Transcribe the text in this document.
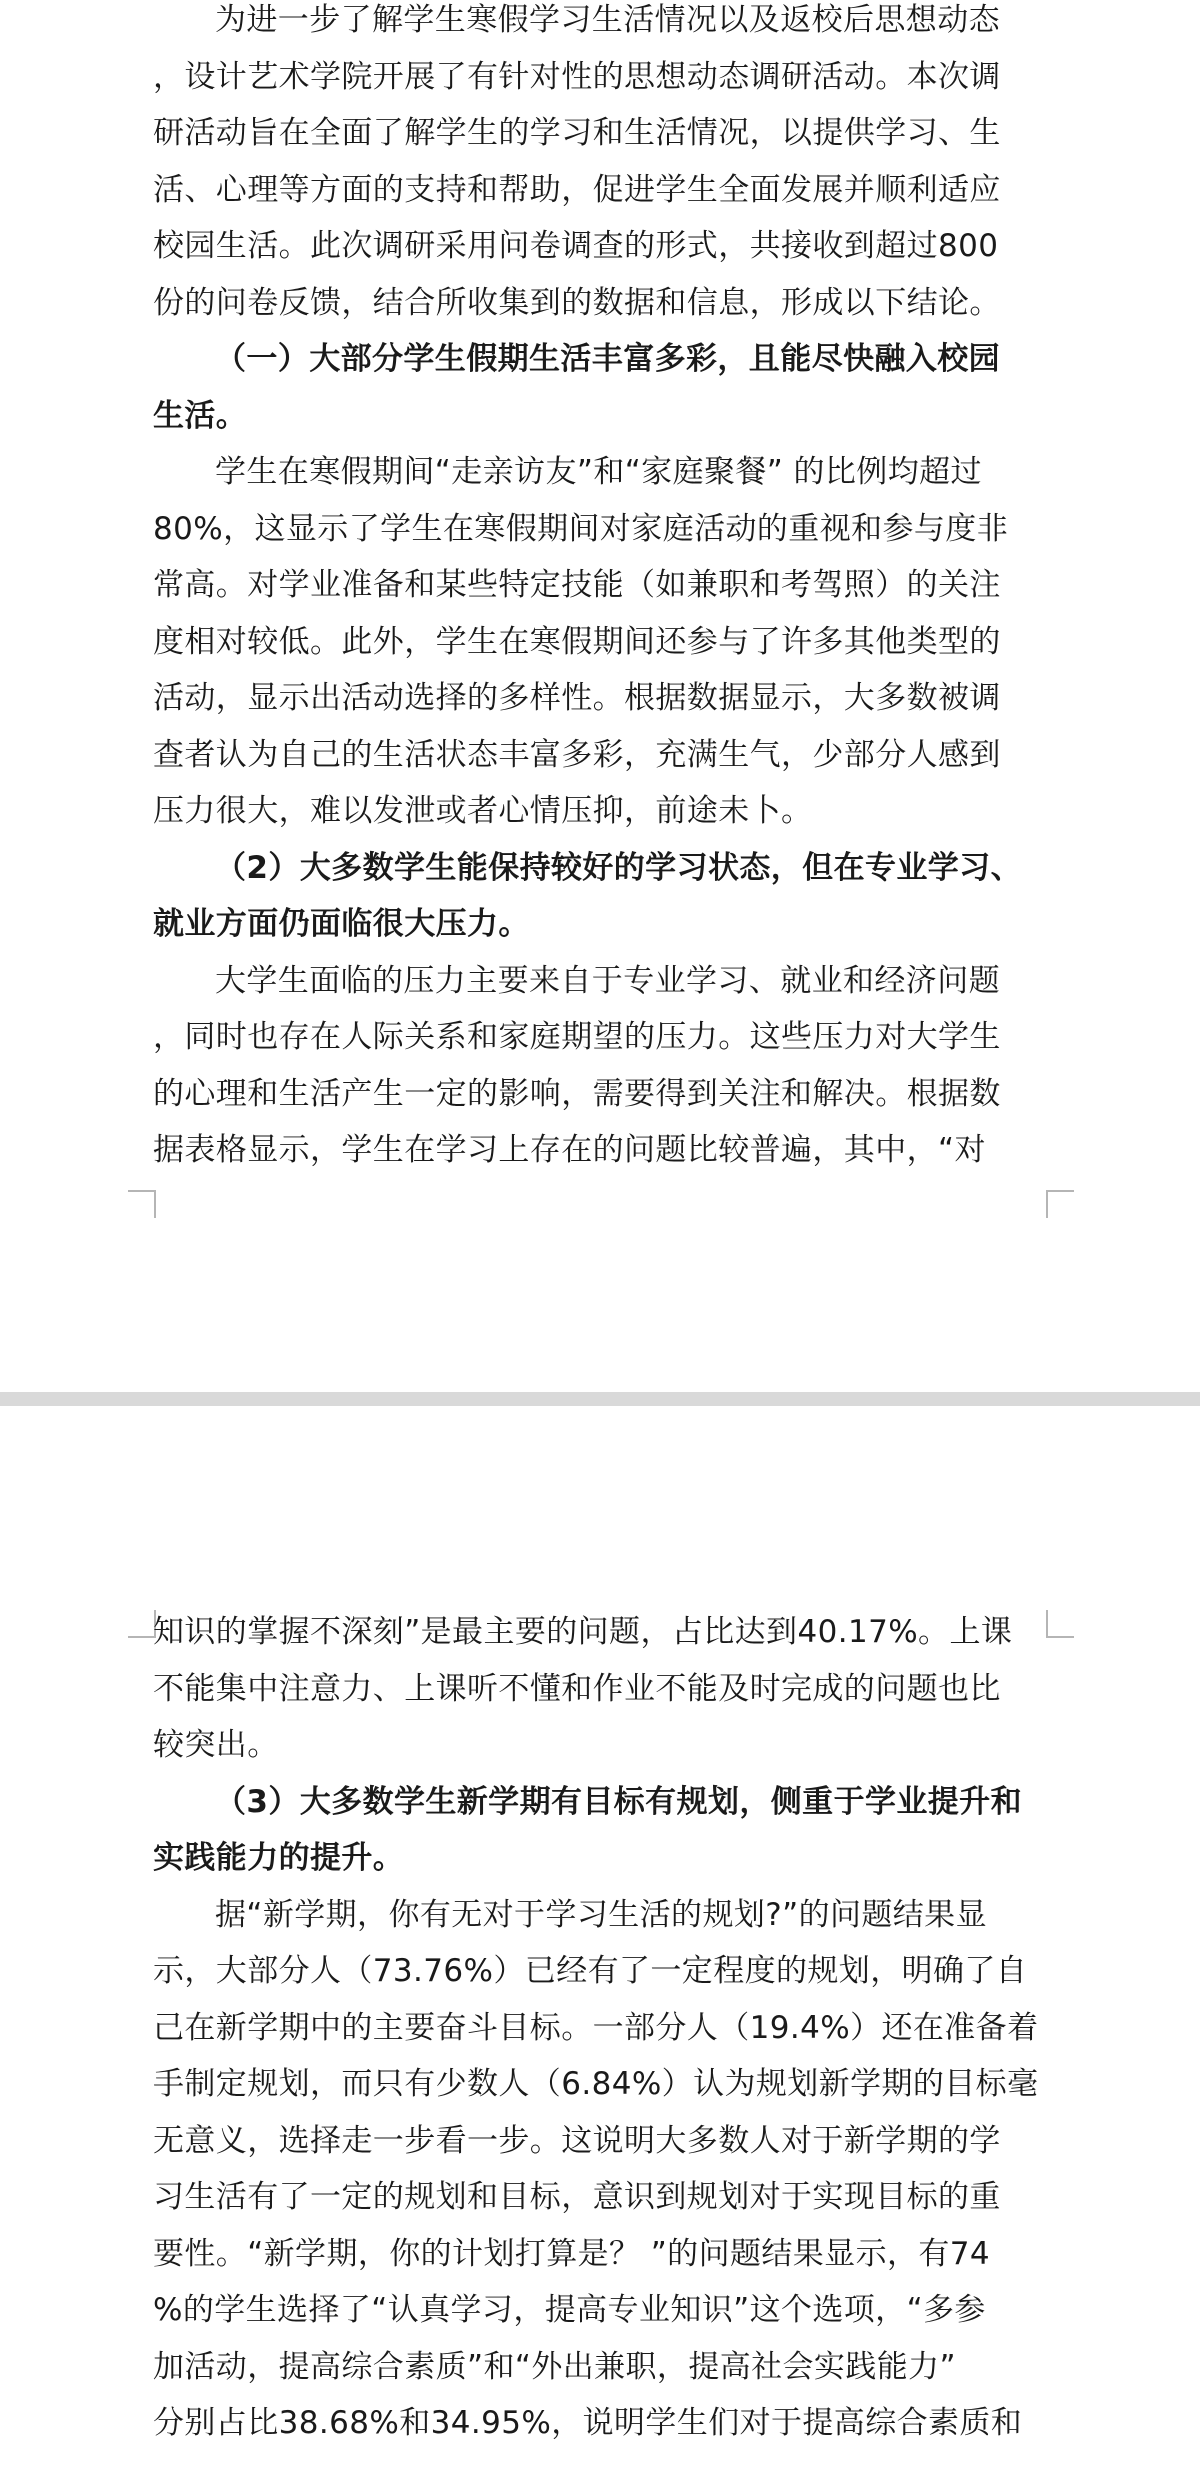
为进一步了解学生寒假学习生活情况以及返校后思想动态
，设计艺术学院开展了有针对性的思想动态调研活动。本次调
研活动旨在全面了解学生的学习和生活情况，以提供学习、生
活、心理等方面的支持和帮助，促进学生全面发展并顺利适应
校园生活。此次调研采用问卷调查的形式，共接收到超过800
份的问卷反馈，结合所收集到的数据和信息，形成以下结论。
（一）大部分学生假期生活丰富多彩，且能尽快融入校园
生活。
学生在寒假期间“走亲访友”和“家庭聚餐” 的比例均超过
80%，这显示了学生在寒假期间对家庭活动的重视和参与度非
常高。对学业准备和某些特定技能（如兼职和考驾照）的关注
度相对较低。此外，学生在寒假期间还参与了许多其他类型的
活动，显示出活动选择的多样性。根据数据显示，大多数被调
查者认为自己的生活状态丰富多彩，充满生气，少部分人感到
压力很大，难以发泄或者心情压抑，前途未卜。
（2）大多数学生能保持较好的学习状态，但在专业学习、
就业方面仍面临很大压力。
大学生面临的压力主要来自于专业学习、就业和经济问题
，同时也存在人际关系和家庭期望的压力。这些压力对大学生
的心理和生活产生一定的影响，需要得到关注和解决。根据数
据表格显示，学生在学习上存在的问题比较普遍，其中，“对
知识的掌握不深刻”是最主要的问题，占比达到40.17%。上课
不能集中注意力、上课听不懂和作业不能及时完成的问题也比
较突出。
（3）大多数学生新学期有目标有规划，侧重于学业提升和
实践能力的提升。
据“新学期，你有无对于学习生活的规划?”的问题结果显
示，大部分人（73.76%）已经有了一定程度的规划，明确了自
己在新学期中的主要奋斗目标。一部分人（19.4%）还在准备着
手制定规划，而只有少数人（6.84%）认为规划新学期的目标毫
无意义，选择走一步看一步。这说明大多数人对于新学期的学
习生活有了一定的规划和目标，意识到规划对于实现目标的重
要性。“新学期，你的计划打算是？ ”的问题结果显示，有74
%的学生选择了“认真学习，提高专业知识”这个选项，“多参
加活动，提高综合素质”和“外出兼职，提高社会实践能力”
分别占比38.68%和34.95%，说明学生们对于提高综合素质和
